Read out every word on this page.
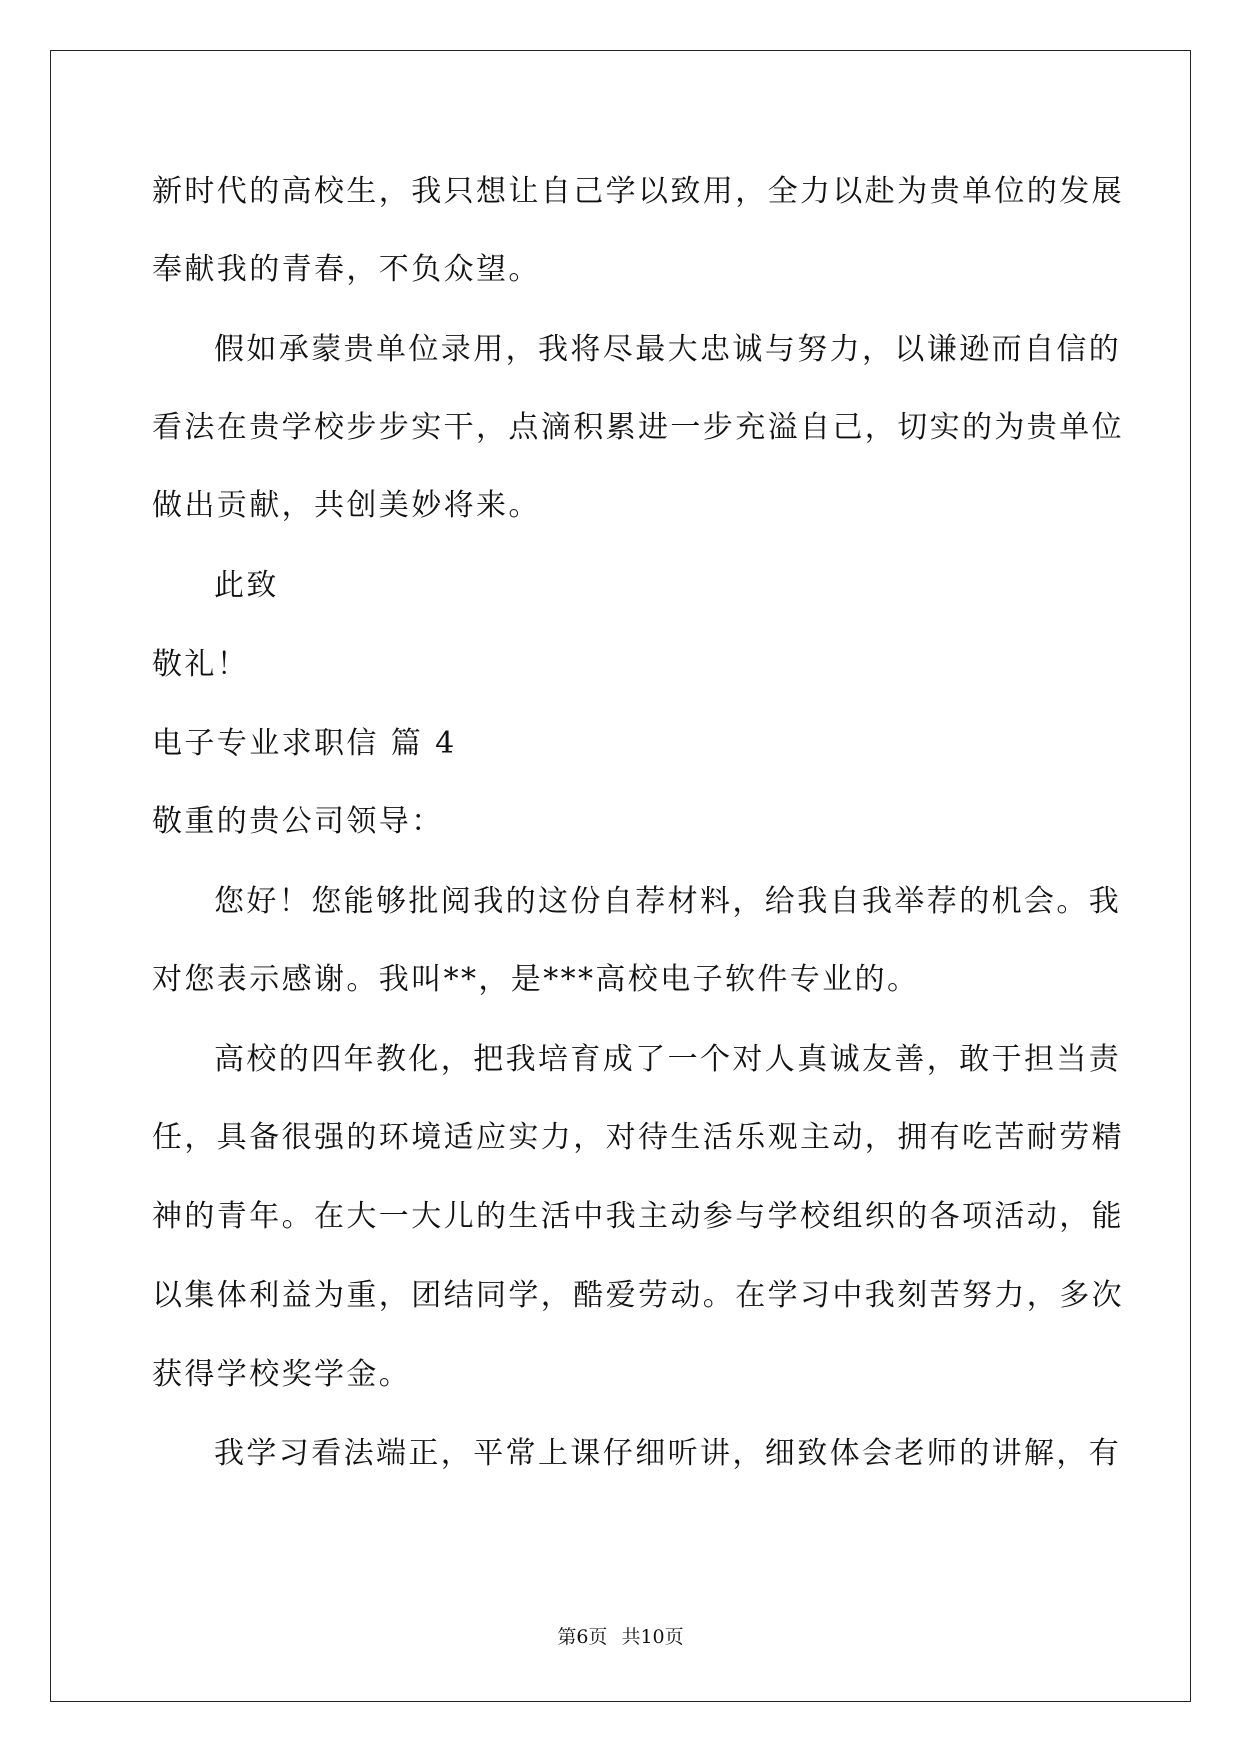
新时代的高校生，我只想让自己学以致用，全力以赴为贵单位的发展
奉献我的青春，不负众望。
假如承蒙贵单位录用，我将尽最大忠诚与努力，以谦逊而自信的
看法在贵学校步步实干，点滴积累进一步充溢自己，切实的为贵单位
做出贡献，共创美妙将来。
此致
敬礼！
电子专业求职信 篇 4
敬重的贵公司领导：
您好！您能够批阅我的这份自荐材料，给我自我举荐的机会。我
对您表示感谢。我叫**，是***高校电子软件专业的。
高校的四年教化，把我培育成了一个对人真诚友善，敢于担当责
任，具备很强的环境适应实力，对待生活乐观主动，拥有吃苦耐劳精
神的青年。在大一大儿的生活中我主动参与学校组织的各项活动，能
以集体利益为重，团结同学，酷爱劳动。在学习中我刻苦努力，多次
获得学校奖学金。
我学习看法端正，平常上课仔细听讲，细致体会老师的讲解，有
第6页 共10页
